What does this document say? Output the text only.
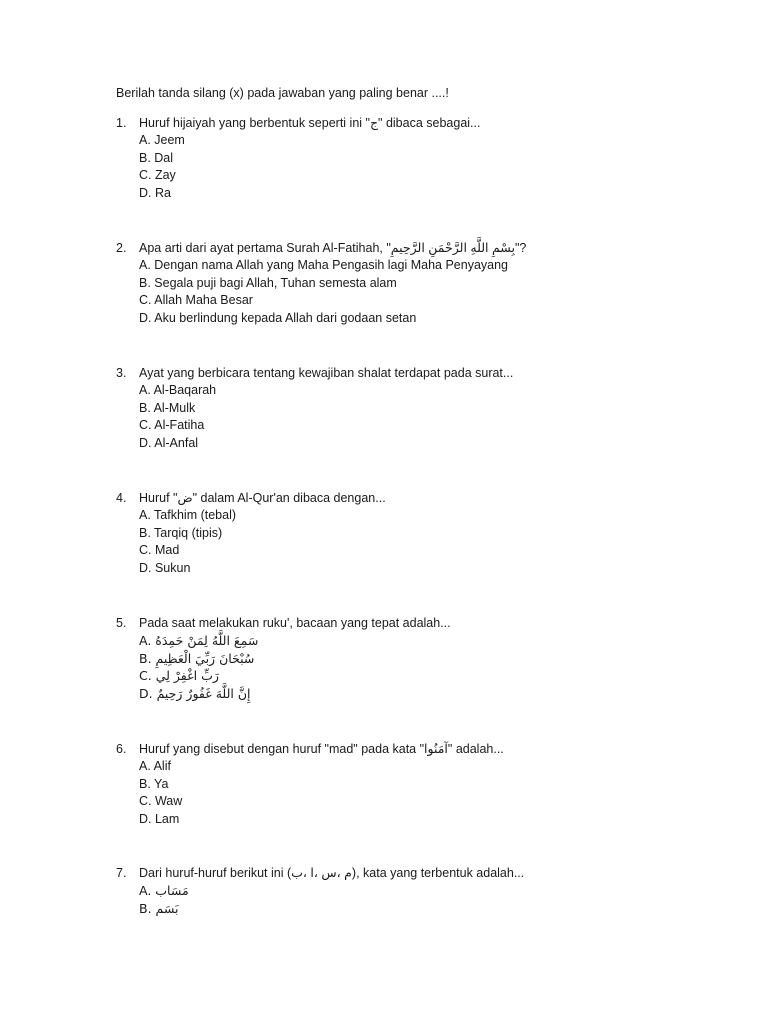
Berilah tanda silang (x) pada jawaban yang paling benar ....!
1.	Huruf hijaiyah yang berbentuk seperti ini "ج" dibaca sebagai...
A. Jeem
B. Dal
C. Zay
D. Ra
2.	Apa arti dari ayat pertama Surah Al-Fatihah, "بِسْمِ اللَّهِ الرَّحْمَنِ الرَّحِيمِ"?
A. Dengan nama Allah yang Maha Pengasih lagi Maha Penyayang
B. Segala puji bagi Allah, Tuhan semesta alam
C. Allah Maha Besar
D. Aku berlindung kepada Allah dari godaan setan
3.	Ayat yang berbicara tentang kewajiban shalat terdapat pada surat...
A. Al-Baqarah
B. Al-Mulk
C. Al-Fatiha
D. Al-Anfal
4.	Huruf "ض" dalam Al-Qur'an dibaca dengan...
A. Tafkhim (tebal)
B. Tarqiq (tipis)
C. Mad
D. Sukun
5.	Pada saat melakukan ruku', bacaan yang tepat adalah...
A. سَمِعَ اللَّهُ لِمَنْ حَمِدَهُ
B. سُبْحَانَ رَبِّيَ الْعَظِيمِ
C. رَبِّ اغْفِرْ لِي
D. إِنَّ اللَّهَ غَفُورٌ رَحِيمٌ
6.	Huruf yang disebut dengan huruf "mad" pada kata "آمَنُوا" adalah...
A. Alif
B. Ya
C. Waw
D. Lam
7.	Dari huruf-huruf berikut ini (م ،س ،ا ،ب), kata yang terbentuk adalah...
A. مَسَاب
B. بَسَم
